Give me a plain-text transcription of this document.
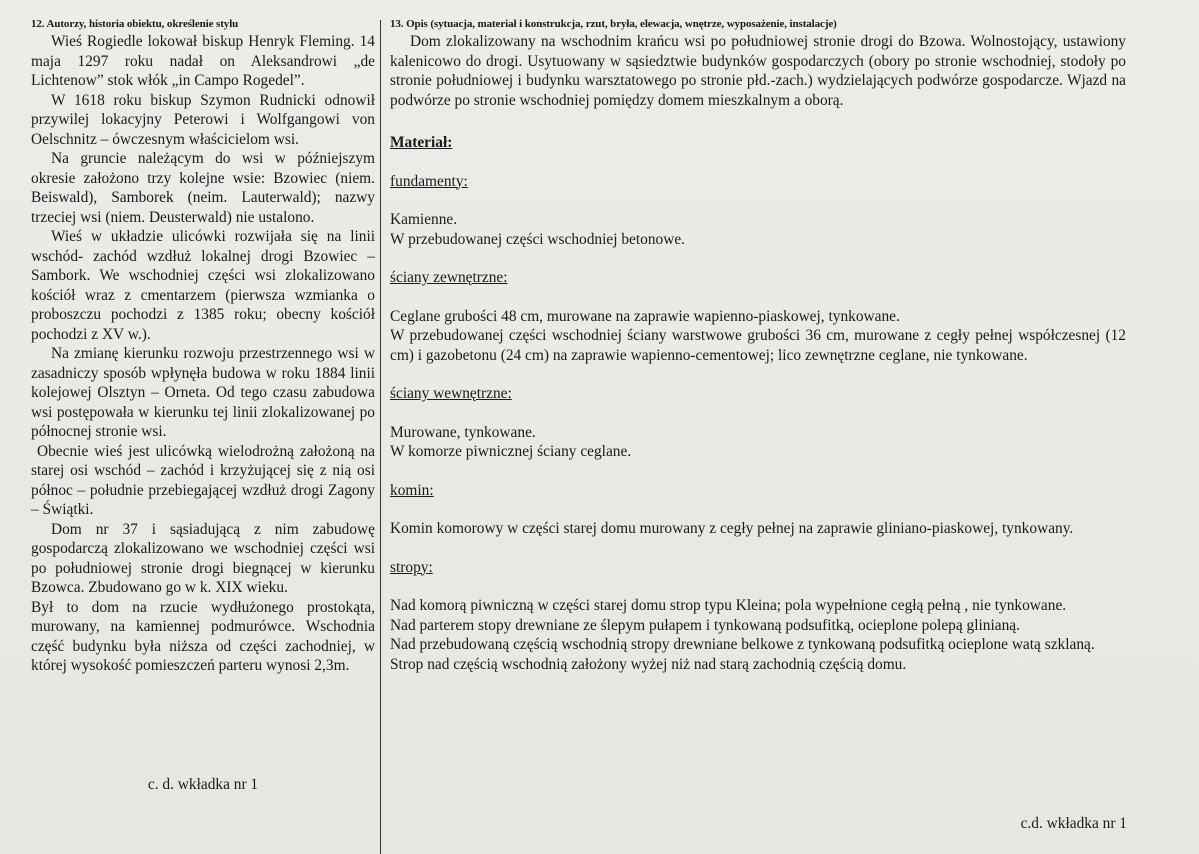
12. Autorzy, historia obiektu, określenie stylu

Wieś Rogiedle lokował biskup Henryk Fleming. 14 maja 1297 roku nadał on Aleksandrowi „de Lichtenow” stok włók „in Campo Rogedel”.

W 1618 roku biskup Szymon Rudnicki odnowił przywilej lokacyjny Peterowi i Wolfgangowi von Oelschnitz – ówczesnym właścicielom wsi.

Na gruncie należącym do wsi w późniejszym okresie założono trzy kolejne wsie: Bzowiec (niem. Beiswald), Samborek (neim. Lauterwald); nazwy trzeciej wsi (niem. Deusterwald) nie ustalono.

Wieś w układzie ulicówki rozwijała się na linii wschód- zachód wzdłuż lokalnej drogi Bzowiec – Sambork. We wschodniej części wsi zlokalizowano kościół wraz z cmentarzem (pierwsza wzmianka o proboszczu pochodzi z 1385 roku; obecny kościół pochodzi z XV w.).

Na zmianę kierunku rozwoju przestrzennego wsi w zasadniczy sposób wpłynęła budowa w roku 1884 linii kolejowej Olsztyn – Orneta. Od tego czasu zabudowa wsi postępowała w kierunku tej linii zlokalizowanej po północnej stronie wsi.

Obecnie wieś jest ulicówką wielodrożną założoną na starej osi wschód – zachód i krzyżującej się z nią osi północ – południe przebiegającej wzdłuż drogi Zagony – Świątki.

Dom nr 37 i sąsiadującą z nim zabudowę gospodarczą zlokalizowano we wschodniej części wsi po południowej stronie drogi biegnącej w kierunku Bzowca. Zbudowano go w k. XIX wieku.

Był to dom na rzucie wydłużonego prostokąta, murowany, na kamiennej podmurówce. Wschodnia część budynku była niższa od części zachodniej, w której wysokość pomieszczeń parteru wynosi 2,3m.

c. d. wkładka nr 1
13. Opis (sytuacja, materiał i konstrukcja, rzut, bryła, elewacja, wnętrze, wyposażenie, instalacje)

Dom zlokalizowany na wschodnim krańcu wsi po południowej stronie drogi do Bzowa. Wolnostojący, ustawiony kalenicowo do drogi. Usytuowany w sąsiedztwie budynków gospodarczych (obory po stronie wschodniej, stodoły po stronie południowej i budynku warsztatowego po stronie płd.-zach.) wydzielających podwórze gospodarcze. Wjazd na podwórze po stronie wschodniej pomiędzy domem mieszkalnym a oborą.

Materiał:
fundamenty:

Kamienne.

W przebudowanej części wschodniej betonowe.

ściany zewnętrzne:

Ceglane grubości 48 cm, murowane na zaprawie wapienno-piaskowej, tynkowane.

W przebudowanej części wschodniej ściany warstwowe grubości 36 cm, murowane z cegły pełnej współczesnej (12 cm) i gazobetonu (24 cm) na zaprawie wapienno-cementowej; lico zewnętrzne ceglane, nie tynkowane.

ściany wewnętrzne:

Murowane, tynkowane.

W komorze piwnicznej ściany ceglane.

komin:

Komin komorowy w części starej domu murowany z cegły pełnej na zaprawie gliniano-piaskowej, tynkowany.

stropy:

Nad komorą piwniczną w części starej domu strop typu Kleina; pola wypełnione cegłą pełną , nie tynkowane.

Nad parterem stopy drewniane ze ślepym pułapem i tynkowaną podsufitką, ocieplone polepą glinianą.

Nad przebudowaną częścią wschodnią stropy drewniane belkowe z tynkowaną podsufitką ocieplone watą szklaną.

Strop nad częścią wschodnią założony wyżej niż nad starą zachodnią częścią domu.

c.d. wkładka nr 1
